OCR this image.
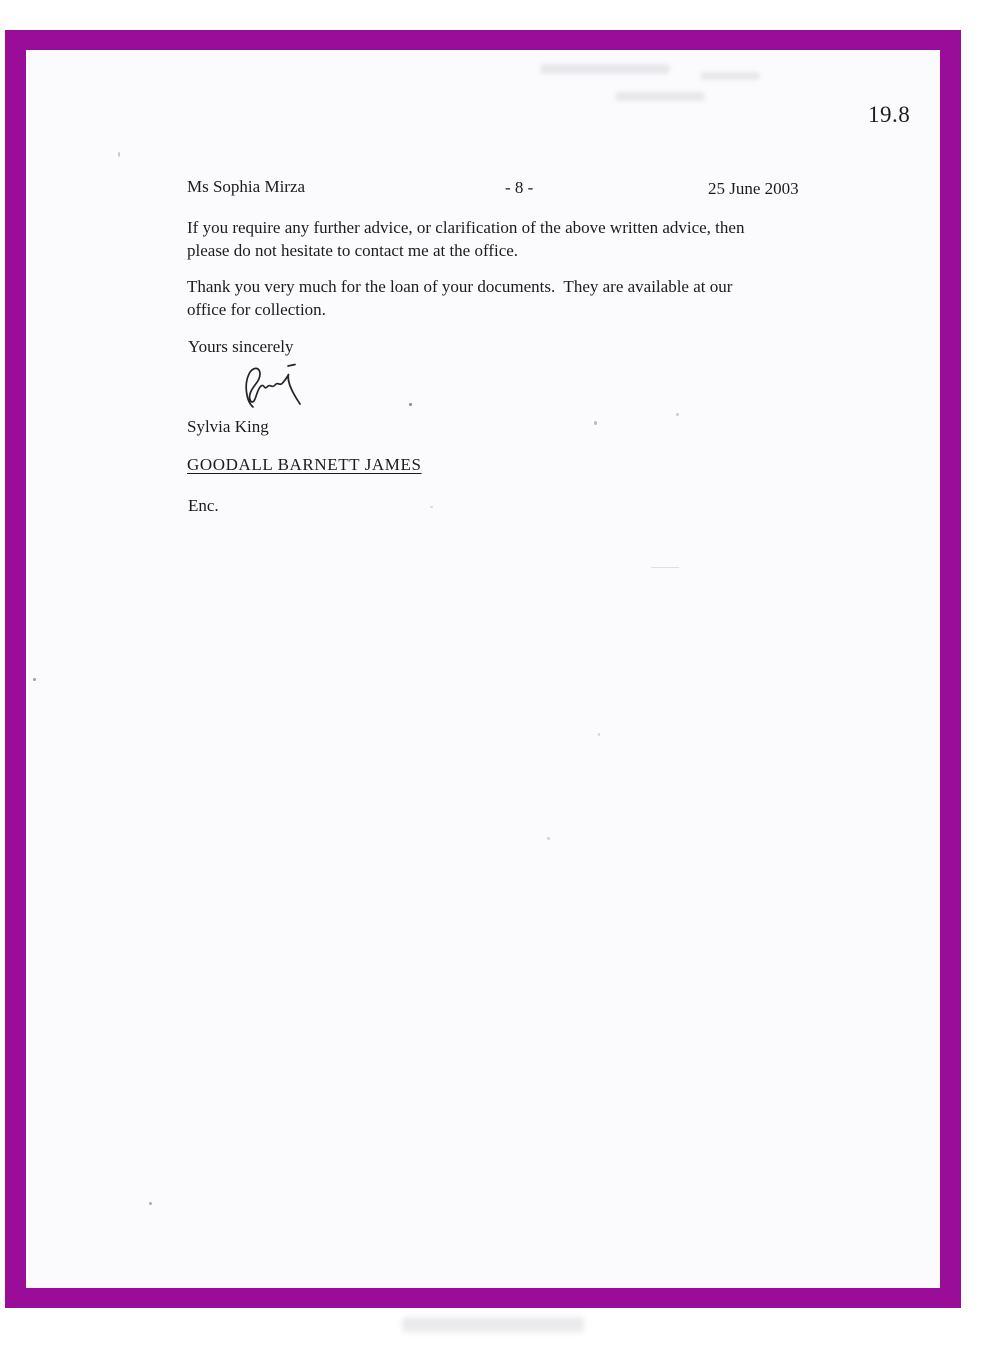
19.8
Ms Sophia Mirza	- 8 -	25 June 2003
If you require any further advice, or clarification of the above written advice, then
please do not hesitate to contact me at the office.
Thank you very much for the loan of your documents.  They are available at our
office for collection.
Yours sincerely
Sylvia King
GOODALL BARNETT JAMES
Enc.
